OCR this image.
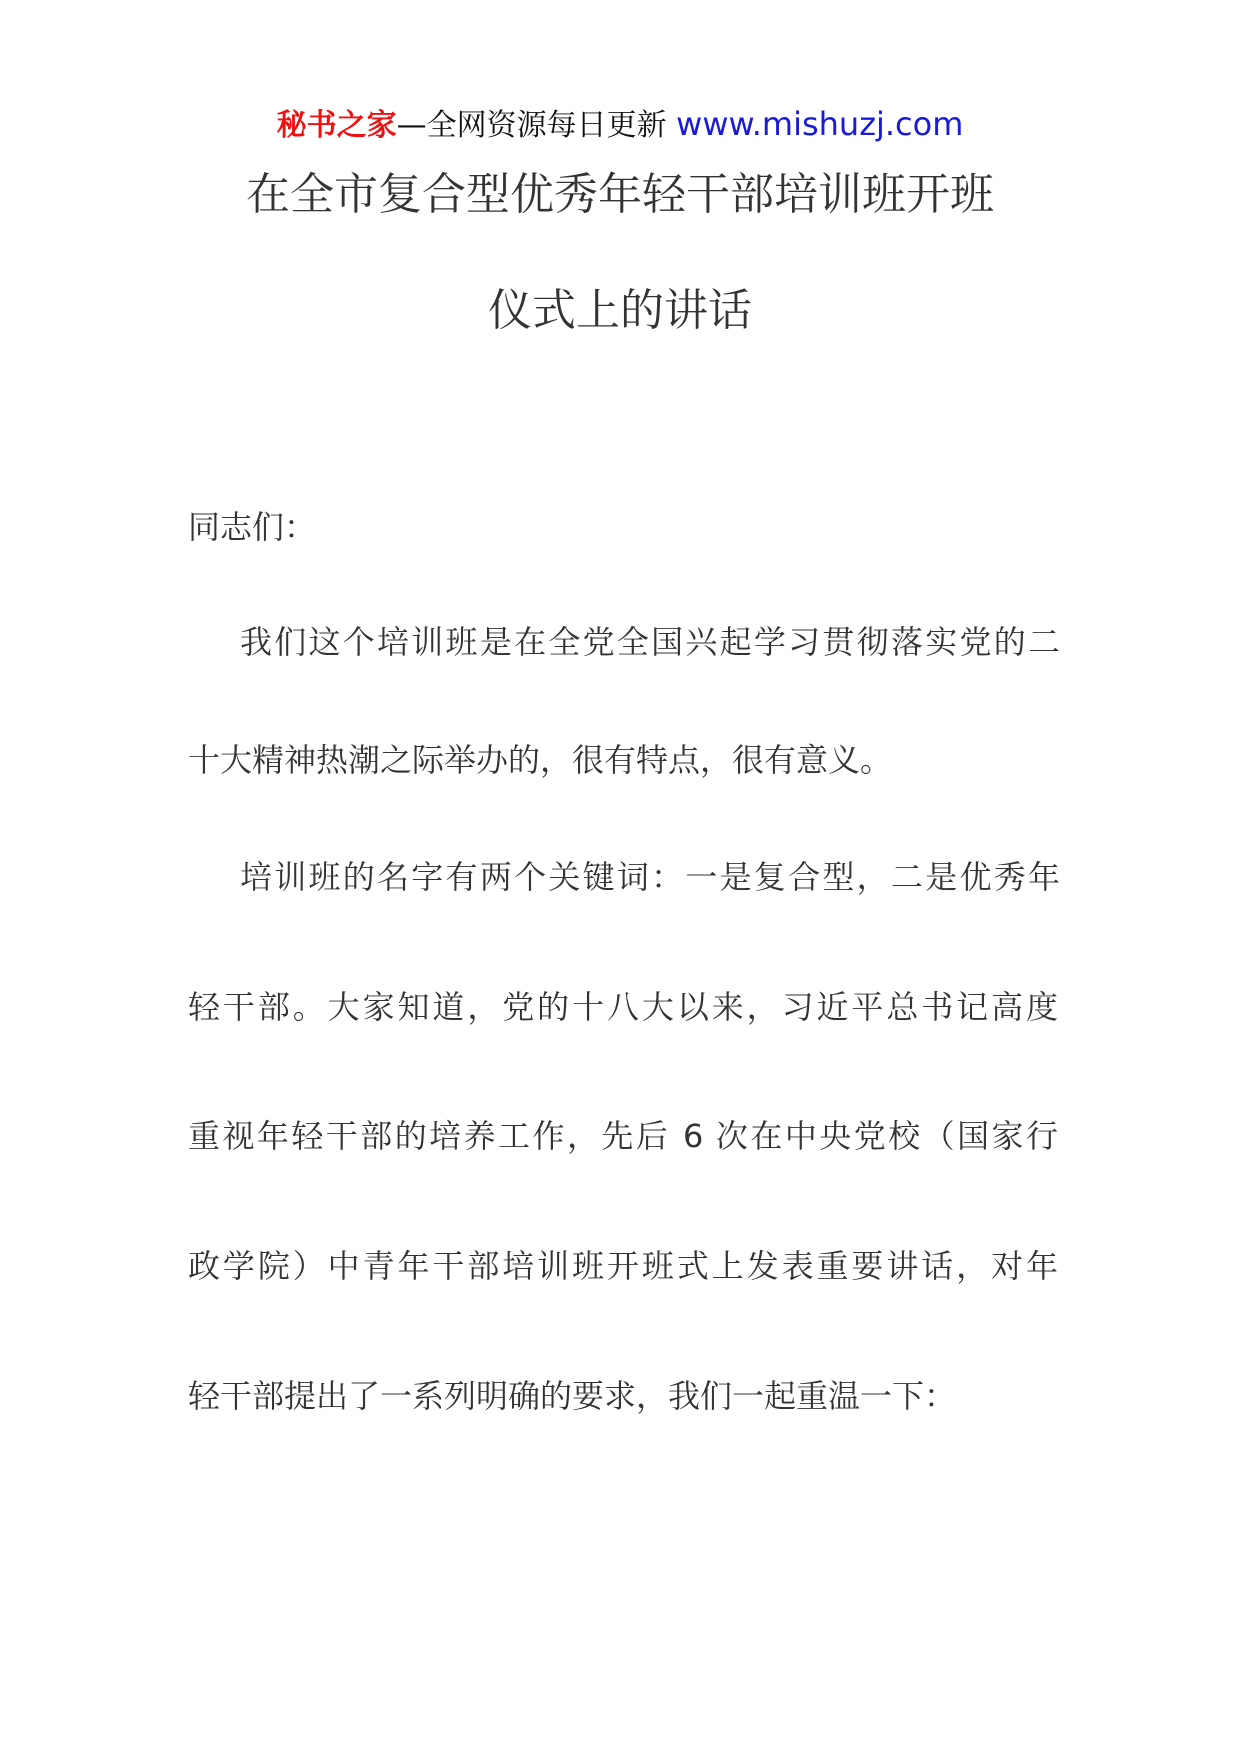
秘书之家—全网资源每日更新 www.mishuzj.com
在全市复合型优秀年轻干部培训班开班
仪式上的讲话
同志们：
我们这个培训班是在全党全国兴起学习贯彻落实党的二
十大精神热潮之际举办的，很有特点，很有意义。
培训班的名字有两个关键词：一是复合型，二是优秀年
轻干部。大家知道，党的十八大以来，习近平总书记高度
重视年轻干部的培养工作，先后 6 次在中央党校（国家行
政学院）中青年干部培训班开班式上发表重要讲话，对年
轻干部提出了一系列明确的要求，我们一起重温一下：
